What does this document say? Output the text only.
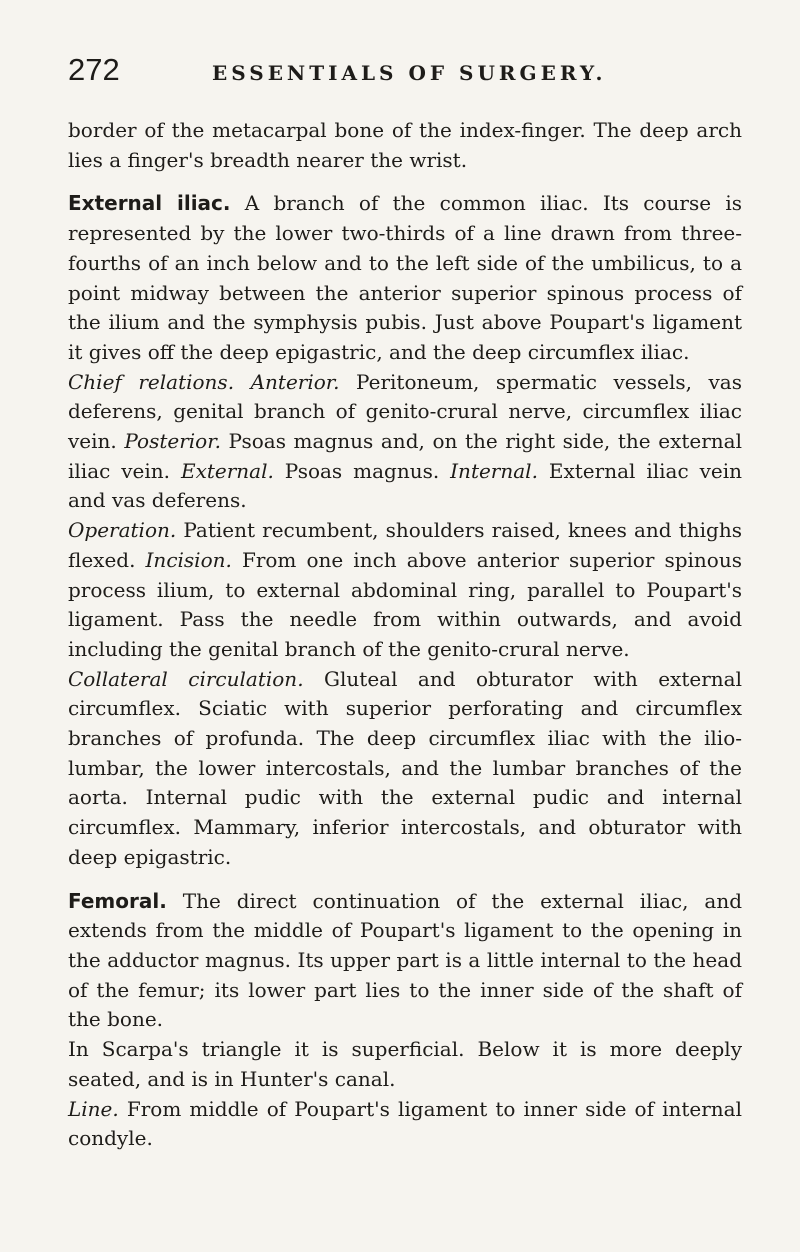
272	ESSENTIALS OF SURGERY.

border of the metacarpal bone of the index-finger. The deep arch lies a finger's breadth nearer the wrist.

External iliac. A branch of the common iliac. Its course is represented by the lower two-thirds of a line drawn from three-fourths of an inch below and to the left side of the umbilicus, to a point midway between the anterior superior spinous process of the ilium and the symphysis pubis. Just above Poupart's ligament it gives off the deep epigastric, and the deep circumflex iliac.

Chief relations. Anterior. Peritoneum, spermatic vessels, vas deferens, genital branch of genito-crural nerve, circumflex iliac vein. Posterior. Psoas magnus and, on the right side, the external iliac vein. External. Psoas magnus. Internal. External iliac vein and vas deferens.

Operation. Patient recumbent, shoulders raised, knees and thighs flexed. Incision. From one inch above anterior superior spinous process ilium, to external abdominal ring, parallel to Poupart's ligament. Pass the needle from within outwards, and avoid including the genital branch of the genito-crural nerve.

Collateral circulation. Gluteal and obturator with external circumflex. Sciatic with superior perforating and circumflex branches of profunda. The deep circumflex iliac with the ilio-lumbar, the lower intercostals, and the lumbar branches of the aorta. Internal pudic with the external pudic and internal circumflex. Mammary, inferior intercostals, and obturator with deep epigastric.

Femoral. The direct continuation of the external iliac, and extends from the middle of Poupart's ligament to the opening in the adductor magnus. Its upper part is a little internal to the head of the femur; its lower part lies to the inner side of the shaft of the bone.

In Scarpa's triangle it is superficial. Below it is more deeply seated, and is in Hunter's canal.

Line. From middle of Poupart's ligament to inner side of internal condyle.
